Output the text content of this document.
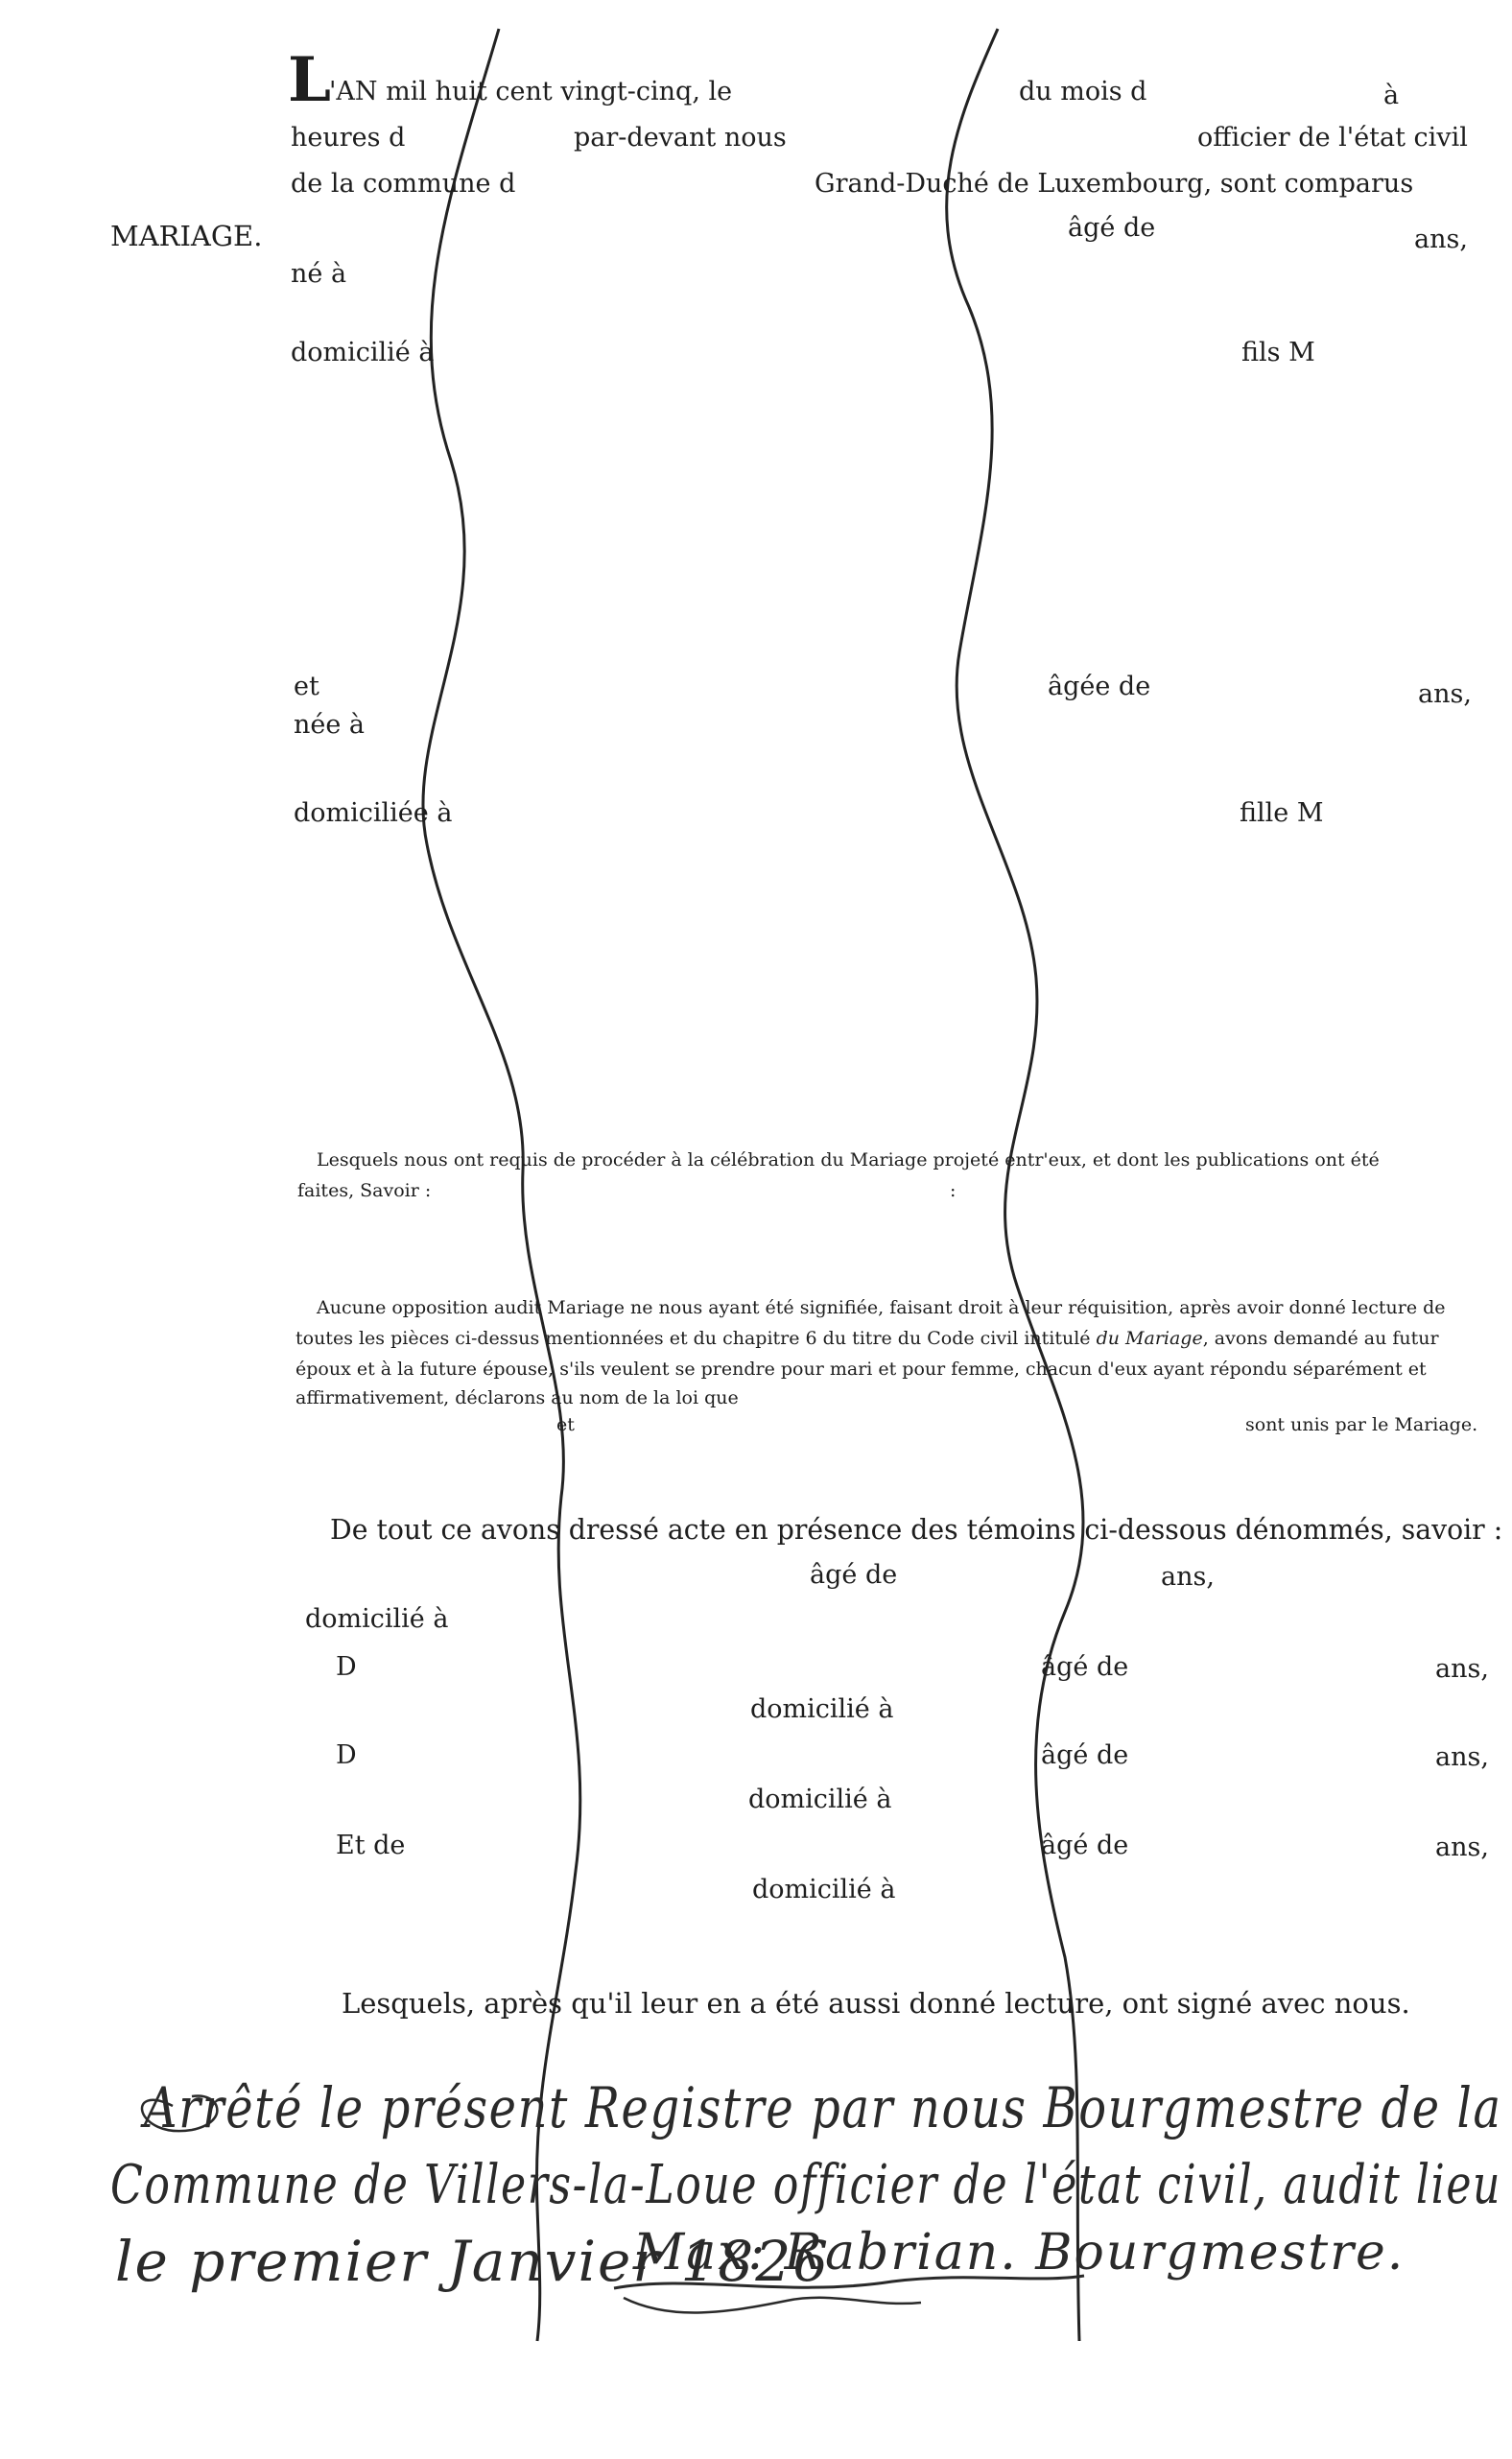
MARIAGE.
L
'AN mil huit cent vingt-cinq, le	du mois d	à
heures d	par-devant nous	officier de l'état civil
de la commune d	Grand-Duché de Luxembourg, sont comparus
âgé de	ans,
né à
domicilié à	fils M
et	âgée de	ans,
née à
domiciliée à	fille M
Lesquels nous ont requis de procéder à la célébration du Mariage projeté entr'eux, et dont les publications ont été
faites, Savoir :	:
Aucune opposition audit Mariage ne nous ayant été signifiée, faisant droit à leur réquisition, après avoir donné lecture de
toutes les pièces ci-dessus mentionnées et du chapitre 6 du titre du Code civil intitulé du Mariage, avons demandé au futur
époux et à la future épouse, s'ils veulent se prendre pour mari et pour femme, chacun d'eux ayant répondu séparément et
affirmativement, déclarons au nom de la loi que
et	sont unis par le Mariage.
De tout ce avons dressé acte en présence des témoins ci-dessous dénommés, savoir :
âgé de	ans,
domicilié à
D	âgé de	ans,
domicilié à
D	âgé de	ans,
domicilié à
Et de	âgé de	ans,
domicilié à
Lesquels, après qu'il leur en a été aussi donné lecture, ont signé avec nous.
Arrêté le présent Registre par nous Bourgmestre de la
Commune de Villers-la-Loue officier de l'état civil, audit lieu
le premier Janvier 1826
Max: Rabrian. Bourgmestre.
